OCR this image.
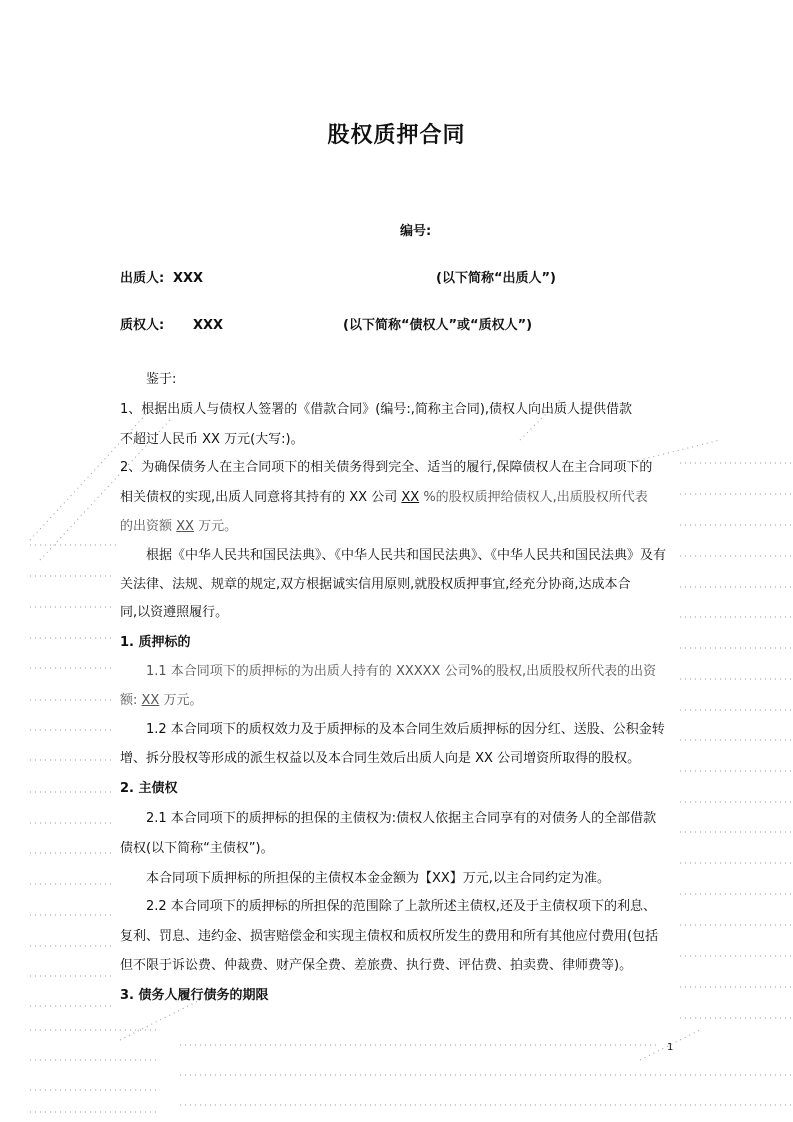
股权质押合同
编号:
出质人: XXX	(以下简称“出质人”)
质权人: XXX	(以下简称“债权人”或“质权人”)
鉴于:
1、根据出质人与债权人签署的《借款合同》(编号:,简称主合同),债权人向出质人提供借款
不超过人民币 XX 万元(大写:)。
2、为确保债务人在主合同项下的相关债务得到完全、适当的履行,保障债权人在主合同项下的
相关债权的实现,出质人同意将其持有的 XX 公司 XX %的股权质押给债权人,出质股权所代表
的出资额 XX 万元。
根据《中华人民共和国民法典》、《中华人民共和国民法典》、《中华人民共和国民法典》及有
关法律、法规、规章的规定,双方根据诚实信用原则,就股权质押事宜,经充分协商,达成本合
同,以资遵照履行。
1. 质押标的
1.1 本合同项下的质押标的为出质人持有的 XXXXX 公司%的股权,出质股权所代表的出资
额: XX 万元。
1.2 本合同项下的质权效力及于质押标的及本合同生效后质押标的因分红、送股、公积金转
增、拆分股权等形成的派生权益以及本合同生效后出质人向是 XX 公司增资所取得的股权。
2. 主债权
2.1 本合同项下的质押标的担保的主债权为:债权人依据主合同享有的对债务人的全部借款
债权(以下简称“主债权”)。
本合同项下质押标的所担保的主债权本金金额为【XX】万元,以主合同约定为准。
2.2 本合同项下的质押标的所担保的范围除了上款所述主债权,还及于主债权项下的利息、
复利、罚息、违约金、损害赔偿金和实现主债权和质权所发生的费用和所有其他应付费用(包括
但不限于诉讼费、仲裁费、财产保全费、差旅费、执行费、评估费、拍卖费、律师费等)。
3. 债务人履行债务的期限
1
